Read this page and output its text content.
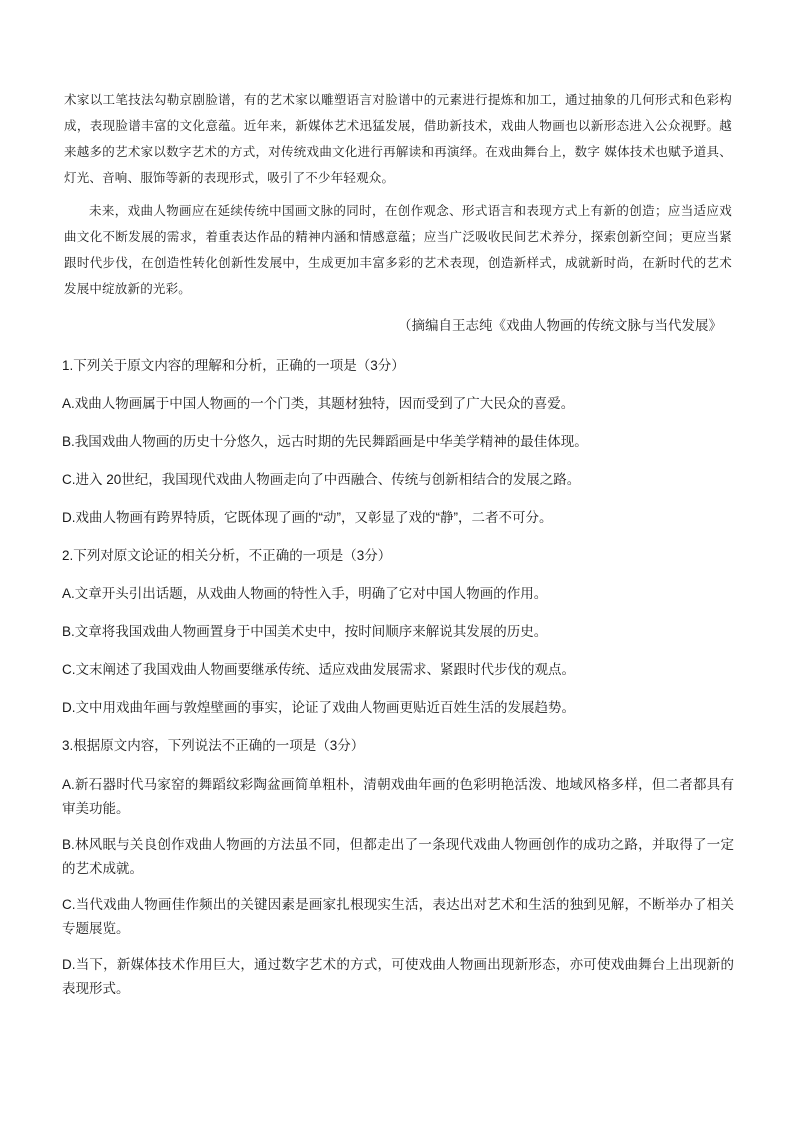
术家以工笔技法勾勒京剧脸谱，有的艺术家以雕塑语言对脸谱中的元素进行提炼和加工，通过抽象的几何形式和色彩构成，表现脸谱丰富的文化意蕴。近年来，新媒体艺术迅猛发展，借助新技术，戏曲人物画也以新形态进入公众视野。越来越多的艺术家以数字艺术的方式，对传统戏曲文化进行再解读和再演绎。在戏曲舞台上，数字 媒体技术也赋予道具、灯光、音响、服饰等新的表现形式，吸引了不少年轻观众。

未来，戏曲人物画应在延续传统中国画文脉的同时，在创作观念、形式语言和表现方式上有新的创造；应当适应戏曲文化不断发展的需求，着重表达作品的精神内涵和情感意蕴；应当广泛吸收民间艺术养分，探索创新空间；更应当紧跟时代步伐，在创造性转化创新性发展中，生成更加丰富多彩的艺术表现，创造新样式，成就新时尚，在新时代的艺术发展中绽放新的光彩。

（摘编自王志纯《戏曲人物画的传统文脉与当代发展》
1.下列关于原文内容的理解和分析，正确的一项是（3分）
A.戏曲人物画属于中国人物画的一个门类，其题材独特，因而受到了广大民众的喜爱。
B.我国戏曲人物画的历史十分悠久，远古时期的先民舞蹈画是中华美学精神的最佳体现。
C.进入 20世纪，我国现代戏曲人物画走向了中西融合、传统与创新相结合的发展之路。
D.戏曲人物画有跨界特质，它既体现了画的“动”，又彰显了戏的“静”，二者不可分。
2.下列对原文论证的相关分析，不正确的一项是（3分）
A.文章开头引出话题，从戏曲人物画的特性入手，明确了它对中国人物画的作用。
B.文章将我国戏曲人物画置身于中国美术史中，按时间顺序来解说其发展的历史。
C.文末阐述了我国戏曲人物画要继承传统、适应戏曲发展需求、紧跟时代步伐的观点。
D.文中用戏曲年画与敦煌壁画的事实，论证了戏曲人物画更贴近百姓生活的发展趋势。
3.根据原文内容，下列说法不正确的一项是（3分）
A.新石器时代马家窑的舞蹈纹彩陶盆画简单粗朴，清朝戏曲年画的色彩明艳活泼、地域风格多样，但二者都具有审美功能。
B.林风眠与关良创作戏曲人物画的方法虽不同，但都走出了一条现代戏曲人物画创作的成功之路，并取得了一定的艺术成就。
C.当代戏曲人物画佳作频出的关键因素是画家扎根现实生活，表达出对艺术和生活的独到见解，不断举办了相关专题展览。
D.当下，新媒体技术作用巨大，通过数字艺术的方式，可使戏曲人物画出现新形态，亦可使戏曲舞台上出现新的表现形式。
